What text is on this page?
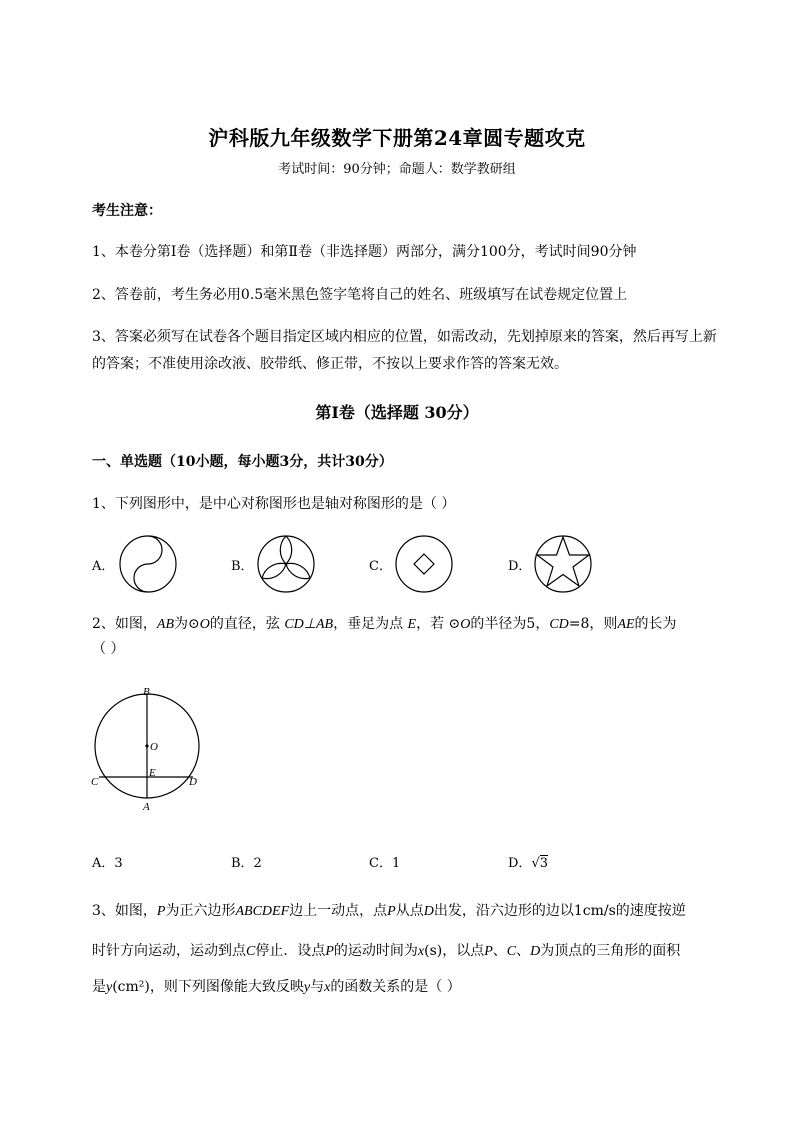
沪科版九年级数学下册第24章圆专题攻克
考试时间：90分钟；命题人：数学教研组
考生注意：
1、本卷分第I卷（选择题）和第Ⅱ卷（非选择题）两部分，满分100分，考试时间90分钟
2、答卷前，考生务必用0.5毫米黑色签字笔将自己的姓名、班级填写在试卷规定位置上
3、答案必须写在试卷各个题目指定区域内相应的位置，如需改动，先划掉原来的答案，然后再写上新
的答案；不准使用涂改液、胶带纸、修正带，不按以上要求作答的答案无效。
第I卷（选择题 30分）
一、单选题（10小题，每小题3分，共计30分）
1、下列图形中，是中心对称图形也是轴对称图形的是（ ）
A．	B．	C．	D．
2、如图，AB为⊙O的直径，弦 CD⊥AB，垂足为点 E，若 ⊙O的半径为5，CD=8，则AE的长为
（ ）
B
O
E
C	D
A
A．3	B．2	C．1	D．√3
3、如图，P为正六边形ABCDEF边上一动点，点P从点D出发，沿六边形的边以1cm/s的速度按逆
时针方向运动，运动到点C停止．设点P的运动时间为x(s)，以点P、C、D为顶点的三角形的面积
是y(cm²)，则下列图像能大致反映y与x的函数关系的是（ ）
